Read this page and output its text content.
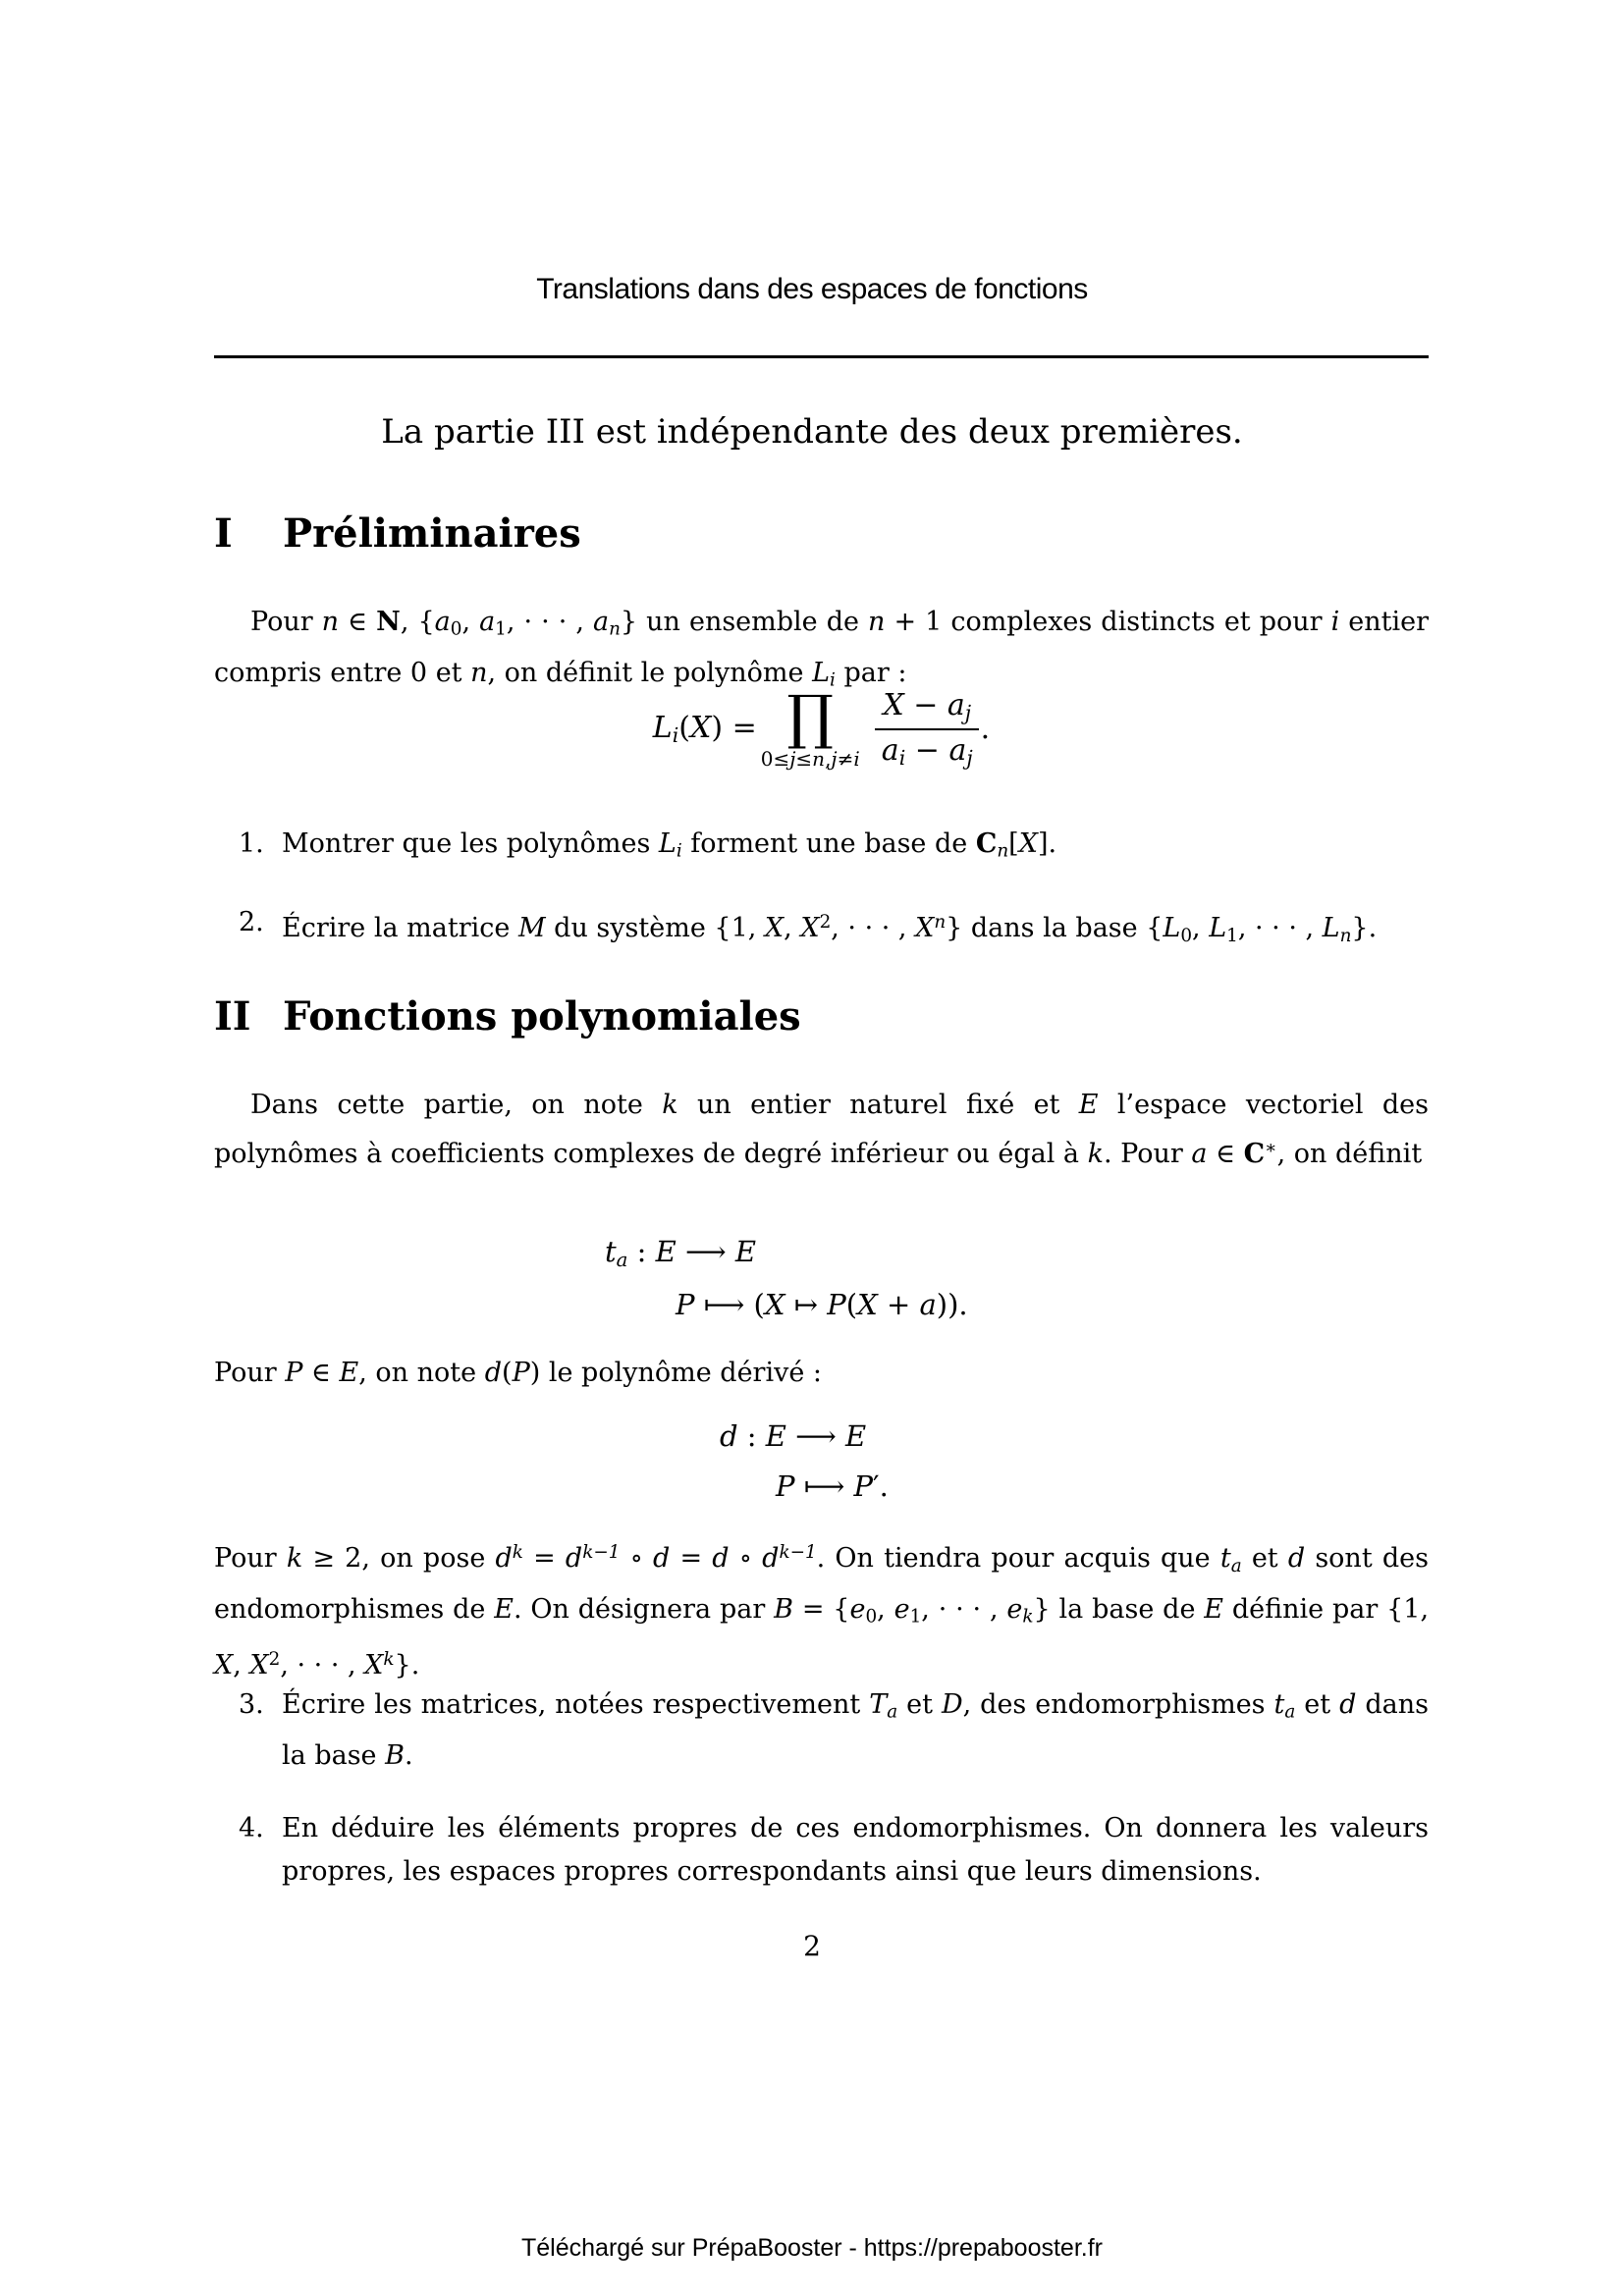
Translations dans des espaces de fonctions
La partie III est indépendante des deux premières.
I	Préliminaires
Pour n ∈ N, {a0, a1, · · · , an} un ensemble de n + 1 complexes distincts et pour i entier compris entre 0 et n, on définit le polynôme Li par :
Li(X) = ∏
$0\le j\le n,j\ne i \frac{X - aj}{ai - aj}$ .
1. Montrer que les polynômes Li forment une base de Cn[X].
2. Écrire la matrice M du système {1, X, $X^2$, · · · , $X^n$} dans la base {L0, L1, · · · , Ln}.
II Fonctions polynomiales
Dans cette partie, on note k un entier naturel fixé et E l’espace vectoriel des polynômes à coefficients complexes de degré inférieur ou égal à k. Pour a ∈ C∗, on définit
ta : E ⟶ E
P ⟼ (X ↦ P(X + a)).
Pour P ∈ E, on note d(P) le polynôme dérivé :
d : E ⟶ E
P ⟼ P′.
Pour k ≥ 2, on pose $d^k = d^{k-1}$ ∘ d = d ∘ $d^{k-1}$. On tiendra pour acquis que ta et d sont des endomorphismes de E. On désignera par B = {e0, e1, · · · , ek} la base de E définie par {1, X, $X^2$, · · · , $X^k$}.
3. Écrire les matrices, notées respectivement Ta et D, des endomorphismes ta et d dans la base B.
4. En déduire les éléments propres de ces endomorphismes. On donnera les valeurs propres, les espaces propres correspondants ainsi que leurs dimensions.
2
Téléchargé sur PrépaBooster - https://prepabooster.fr
